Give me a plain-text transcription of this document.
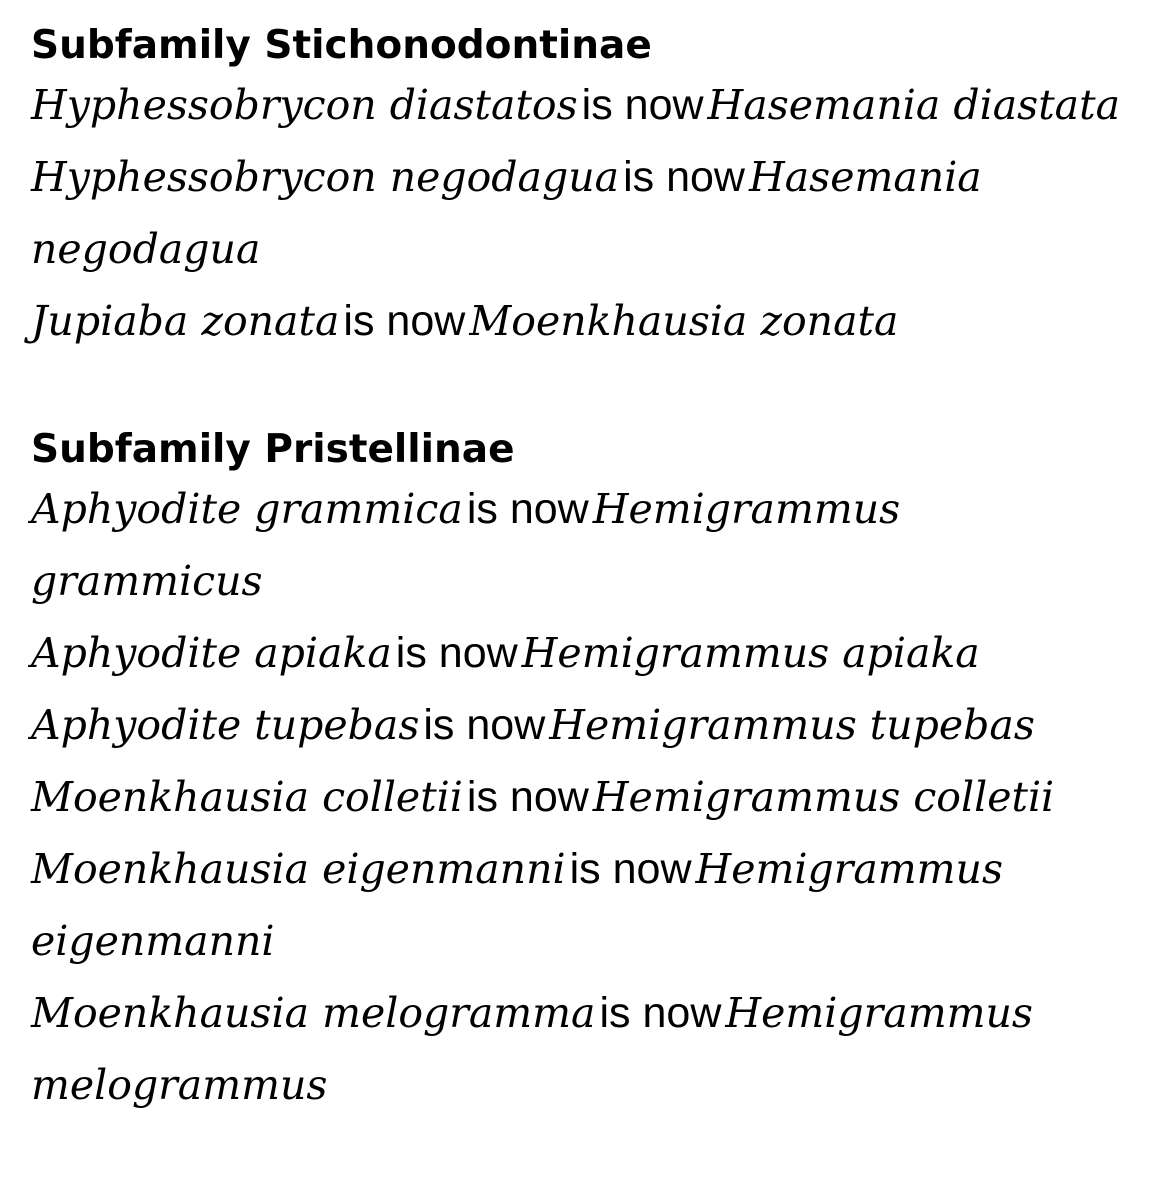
Subfamily Stichonodontinae
Hyphessobrycon diastatos is now Hasemania diastata
Hyphessobrycon negodagua is now Hasemania negodagua
Jupiaba zonata is now Moenkhausia zonata
Subfamily Pristellinae
Aphyodite grammica is now Hemigrammus grammicus
Aphyodite apiaka is now Hemigrammus apiaka
Aphyodite tupebas is now Hemigrammus tupebas
Moenkhausia colletii is now Hemigrammus colletii
Moenkhausia eigenmanni is now Hemigrammus eigenmanni
Moenkhausia melogramma is now Hemigrammus melogrammus
